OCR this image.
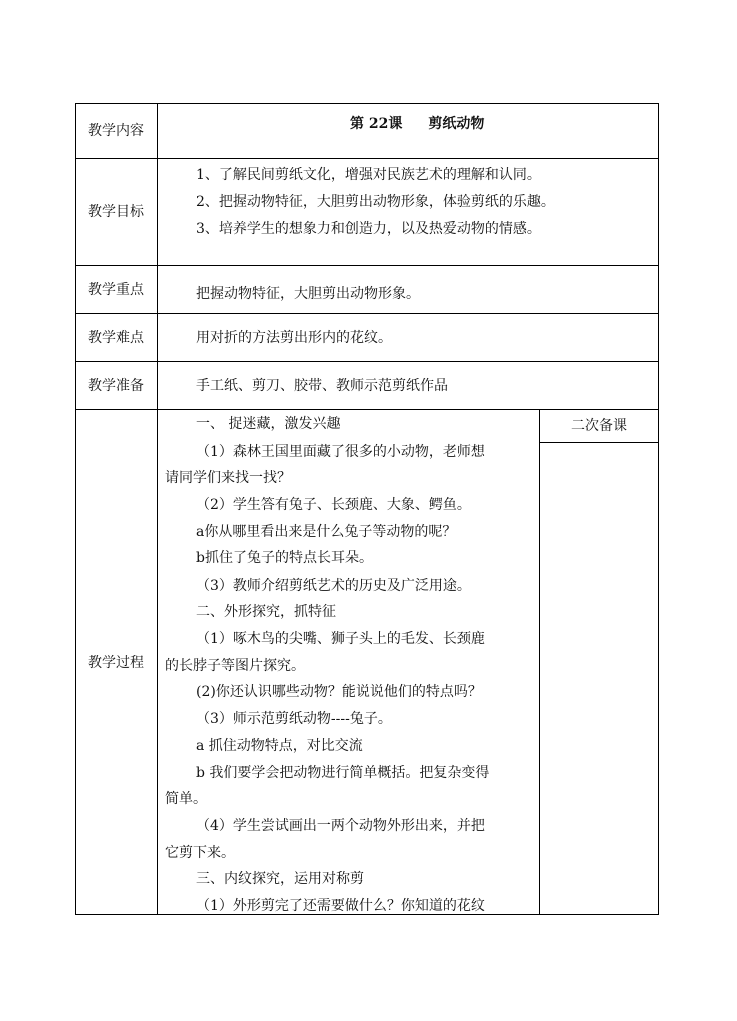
教学内容
教学目标
教学重点
教学难点
教学准备
教学过程
第 22课 剪纸动物
1、了解民间剪纸文化，增强对民族艺术的理解和认同。
2、把握动物特征，大胆剪出动物形象，体验剪纸的乐趣。
3、培养学生的想象力和创造力，以及热爱动物的情感。
把握动物特征，大胆剪出动物形象。
用对折的方法剪出形内的花纹。
手工纸、剪刀、胶带、教师示范剪纸作品
二次备课
一、 捉迷藏，激发兴趣
（1）森林王国里面藏了很多的小动物，老师想
请同学们来找一找？
（2）学生答有兔子、长颈鹿、大象、鳄鱼。
a你从哪里看出来是什么兔子等动物的呢？
b抓住了兔子的特点长耳朵。
（3）教师介绍剪纸艺术的历史及广泛用途。
二、外形探究，抓特征
（1）啄木鸟的尖嘴、狮子头上的毛发、长颈鹿
的长脖子等图片探究。
(2)你还认识哪些动物？能说说他们的特点吗？
（3）师示范剪纸动物----兔子。
a 抓住动物特点，对比交流
b 我们要学会把动物进行简单概括。把复杂变得
简单。
（4）学生尝试画出一两个动物外形出来，并把
它剪下来。
三、内纹探究，运用对称剪
（1）外形剪完了还需要做什么？你知道的花纹
